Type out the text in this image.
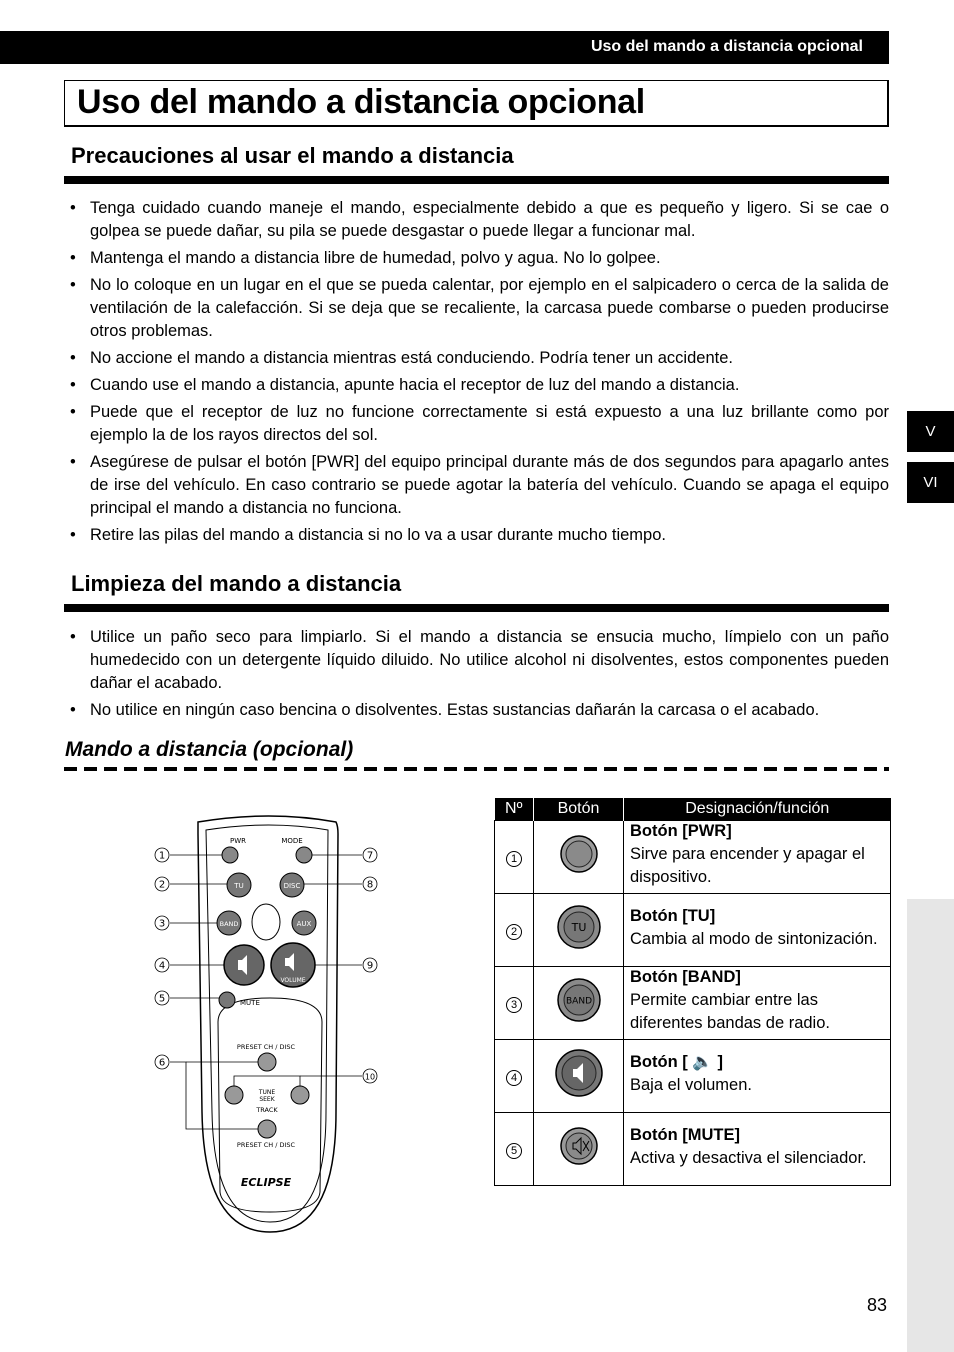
Uso del mando a distancia opcional
Uso del mando a distancia opcional
Precauciones al usar el mando a distancia
• Tenga cuidado cuando maneje el mando, especialmente debido a que es pequeño y ligero. Si se cae o golpea se puede dañar, su pila se puede desgastar o puede llegar a funcionar mal.
• Mantenga el mando a distancia libre de humedad, polvo y agua. No lo golpee.
• No lo coloque en un lugar en el que se pueda calentar, por ejemplo en el salpicadero o cerca de la salida de ventilación de la calefacción. Si se deja que se recaliente, la carcasa puede combarse o pueden producirse otros problemas.
• No accione el mando a distancia mientras está conduciendo. Podría tener un accidente.
• Cuando use el mando a distancia, apunte hacia el receptor de luz del mando a distancia.
• Puede que el receptor de luz no funcione correctamente si está expuesto a una luz brillante como por ejemplo la de los rayos directos del sol.
• Asegúrese de pulsar el botón [PWR] del equipo principal durante más de dos segundos para apagarlo antes de irse del vehículo. En caso contrario se puede agotar la batería del vehículo. Cuando se apaga el equipo principal el mando a distancia no funciona.
• Retire las pilas del mando a distancia si no lo va a usar durante mucho tiempo.
Limpieza del mando a distancia
• Utilice un paño seco para limpiarlo. Si el mando a distancia se ensucia mucho, límpielo con un paño humedecido con un detergente líquido diluido. No utilice alcohol ni disolventes, estos componentes pueden dañar el acabado.
• No utilice en ningún caso bencina o disolventes. Estas sustancias dañarán la carcasa o el acabado.
Mando a distancia (opcional)
PWR	MODE
TU	DISC
BAND	AUX
VOLUME
MUTE
PRESET CH / DISC
TUNE
SEEK
TRACK
PRESET CH / DISC
ECLIPSE
1
2
3
4
5
6
7
8
9
10
Nº	Botón	Designación/función
1		Botón [PWR]
Sirve para encender y apagar el dispositivo.

2	TU	Botón [TU]
Cambia al modo de sintonización.

3	BAND	Botón [BAND]
Permite cambiar entre las diferentes bandas de radio.

4		Botón [ 🔈 ]
Baja el volumen.

5		Botón [MUTE]
Activa y desactiva el silenciador.
V
VI
83
